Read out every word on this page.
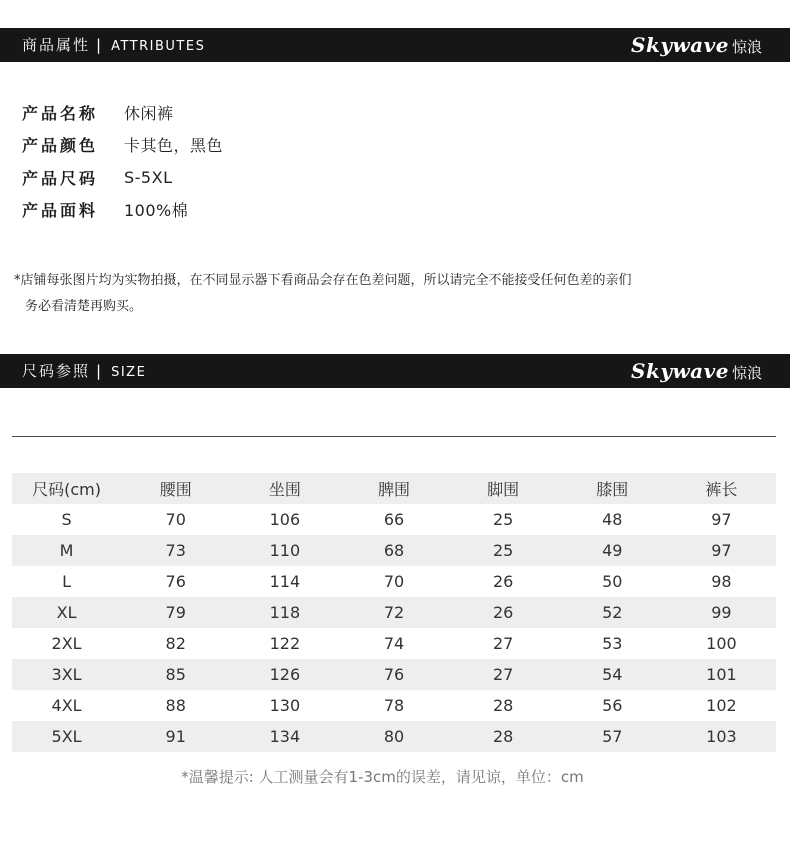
商品属性 | ATTRIBUTES	Skywave 惊浪
产品名称	休闲裤
产品颜色	卡其色，黑色
产品尺码	S-5XL
产品面料	100%棉
*店铺每张图片均为实物拍摄，在不同显示器下看商品会存在色差问题，所以请完全不能接受任何色差的亲们
务必看清楚再购买。
尺码参照 | SIZE	Skywave 惊浪
尺码(cm)	腰围	坐围	脾围	脚围	膝围	裤长
S	70	106	66	25	48	97
M	73	110	68	25	49	97
L	76	114	70	26	50	98
XL	79	118	72	26	52	99
2XL	82	122	74	27	53	100
3XL	85	126	76	27	54	101
4XL	88	130	78	28	56	102
5XL	91	134	80	28	57	103
*温馨提示: 人工测量会有1-3cm的误差，请见谅，单位：cm
